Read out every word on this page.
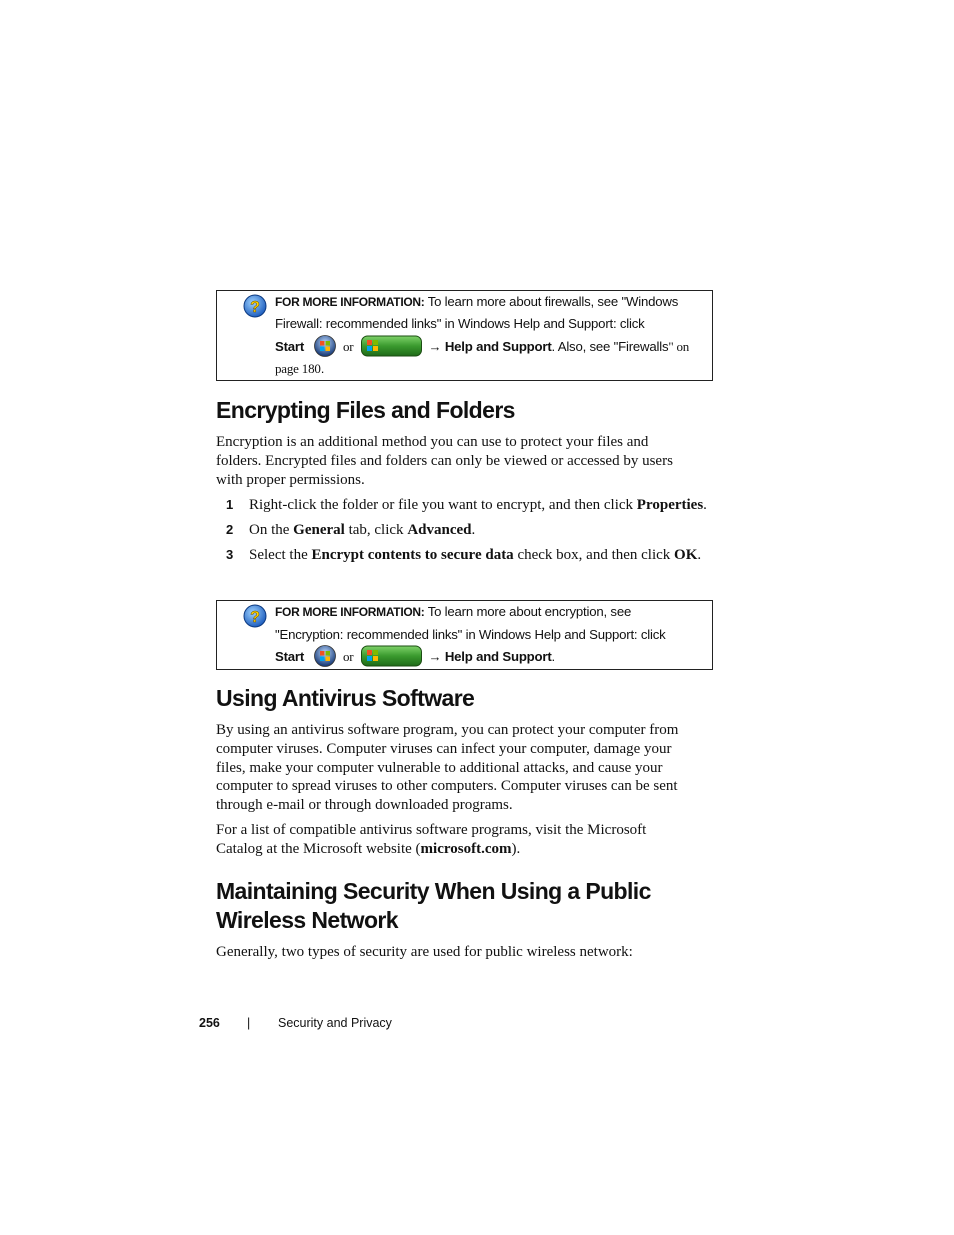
? FOR MORE INFORMATION: To learn more about firewalls, see "Windows
Firewall: recommended links" in Windows Help and Support: click
Start	or	→ Help and Support. Also, see "Firewalls" on
page 180.
Encrypting Files and Folders
Encryption is an additional method you can use to protect your files and
folders. Encrypted files and folders can only be viewed or accessed by users
with proper permissions.
1 Right-click the folder or file you want to encrypt, and then click Properties.
2 On the General tab, click Advanced.
3 Select the Encrypt contents to secure data check box, and then click OK.
? FOR MORE INFORMATION: To learn more about encryption, see
"Encryption: recommended links" in Windows Help and Support: click
Start	or	→ Help and Support.
Using Antivirus Software
By using an antivirus software program, you can protect your computer from
computer viruses. Computer viruses can infect your computer, damage your
files, make your computer vulnerable to additional attacks, and cause your
computer to spread viruses to other computers. Computer viruses can be sent
through e-mail or through downloaded programs.
For a list of compatible antivirus software programs, visit the Microsoft
Catalog at the Microsoft website (microsoft.com).
Maintaining Security When Using a Public
Wireless Network
Generally, two types of security are used for public wireless network:
256 | Security and Privacy
